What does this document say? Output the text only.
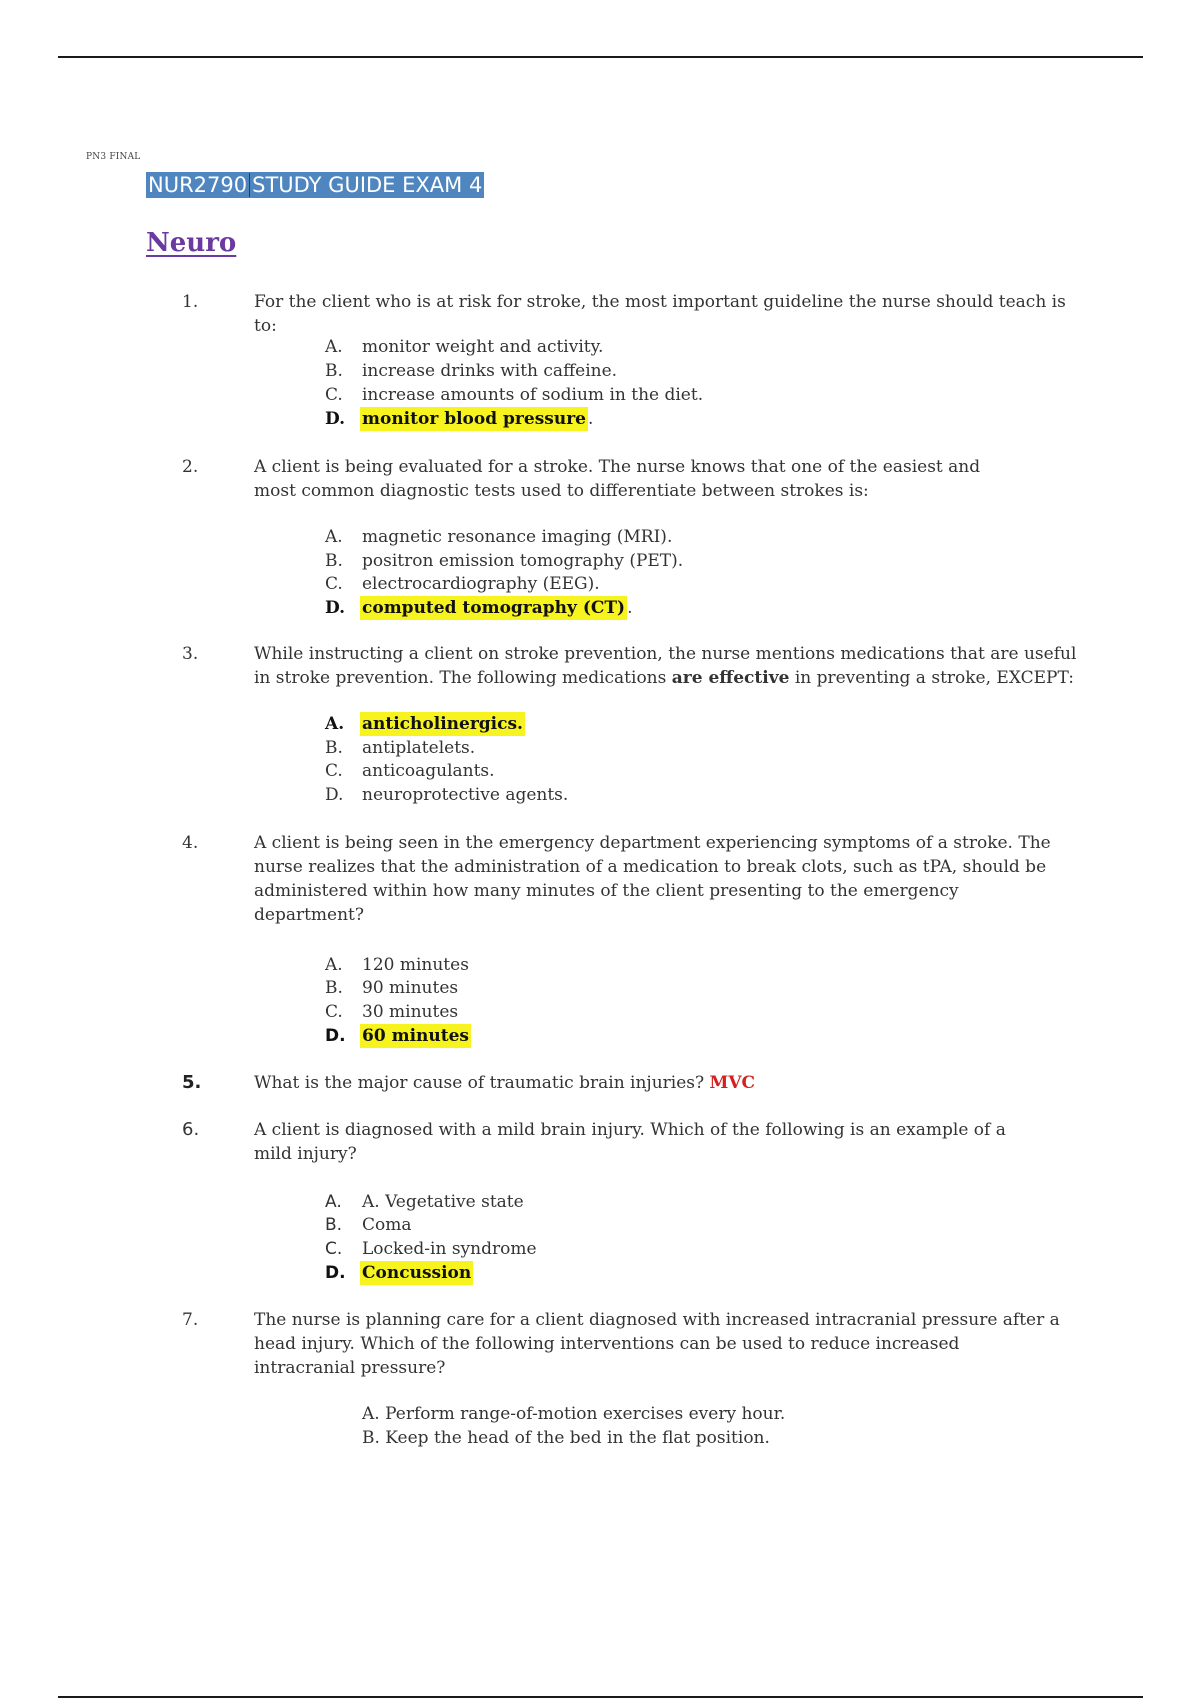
PN3 FINAL
NUR2790 STUDY GUIDE EXAM 4
Neuro
1.	For the client who is at risk for stroke, the most important guideline the nurse should teach is to:
A. monitor weight and activity.
B. increase drinks with caffeine.
C. increase amounts of sodium in the diet.
D. monitor blood pressure .
2.	A client is being evaluated for a stroke. The nurse knows that one of the easiest and most common diagnostic tests used to differentiate between strokes is:
A. magnetic resonance imaging (MRI).
B. positron emission tomography (PET).
C. electrocardiography (EEG).
D. computed tomography (CT) .
3.	While instructing a client on stroke prevention, the nurse mentions medications that are useful in stroke prevention. The following medications are effective in preventing a stroke, EXCEPT:
A. anticholinergics.
B. antiplatelets.
C. anticoagulants.
D. neuroprotective agents.
4.	A client is being seen in the emergency department experiencing symptoms of a stroke. The nurse realizes that the administration of a medication to break clots, such as tPA, should be administered within how many minutes of the client presenting to the emergency department?
A. 120 minutes
B. 90 minutes
C. 30 minutes
D. 60 minutes
5.	What is the major cause of traumatic brain injuries? MVC
6.	A client is diagnosed with a mild brain injury. Which of the following is an example of a mild injury?
A. A. Vegetative state
B. Coma
C. Locked-in syndrome
D. Concussion
7.	The nurse is planning care for a client diagnosed with increased intracranial pressure after a head injury. Which of the following interventions can be used to reduce increased intracranial pressure?
A. Perform range-of-motion exercises every hour.
B. Keep the head of the bed in the flat position.
